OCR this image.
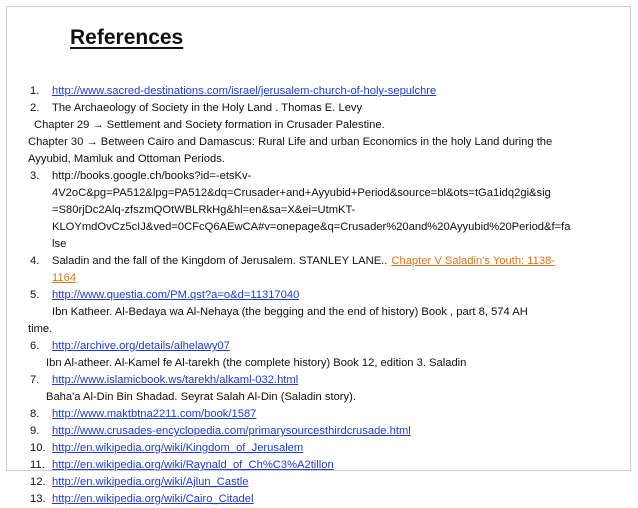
References
1.	http://www.sacred-destinations.com/israel/jerusalem-church-of-holy-sepulchre
2.	The Archaeology of Society in the Holy Land . Thomas E. Levy
Chapter 29 → Settlement and Society formation in Crusader Palestine.
Chapter 30 → Between Cairo and Damascus: Rural Life and urban Economics in the holy Land during the
Ayyubid, Mamluk and Ottoman Periods.
3.	http://books.google.ch/books?id=-etsKv-
4V2oC&pg=PA512&lpg=PA512&dq=Crusader+and+Ayyubid+Period&source=bl&ots=tGa1idq2gi&sig
=S80rjDc2Alq-zfszmQOtWBLRkHg&hl=en&sa=X&ei=UtmKT-
KLOYmdOvCz5cIJ&ved=0CFcQ6AEwCA#v=onepage&q=Crusader%20and%20Ayyubid%20Period&f=fa
lse
4.	Saladin and the fall of the Kingdom of Jerusalem. STANLEY LANE.. Chapter V Saladin's Youth: 1138-
1164
5.	http://www.questia.com/PM.qst?a=o&d=11317040
Ibn Katheer. Al-Bedaya wa Al-Nehaya (the begging and the end of history) Book , part 8, 574 AH
time.
6.	http://archive.org/details/alhelawy07
Ibn Al-atheer. Al-Kamel fe Al-tarekh (the complete history) Book 12, edition 3. Saladin
7.	http://www.islamicbook.ws/tarekh/alkaml-032.html
Baha'a Al-Din Bin Shadad. Seyrat Salah Al-Din (Saladin story).
8.	http://www.maktbtna2211.com/book/1587
9.	http://www.crusades-encyclopedia.com/primarysourcesthirdcrusade.html
10. http://en.wikipedia.org/wiki/Kingdom_of_Jerusalem
11. http://en.wikipedia.org/wiki/Raynald_of_Ch%C3%A2tillon
12. http://en.wikipedia.org/wiki/Ajlun_Castle
13. http://en.wikipedia.org/wiki/Cairo_Citadel
